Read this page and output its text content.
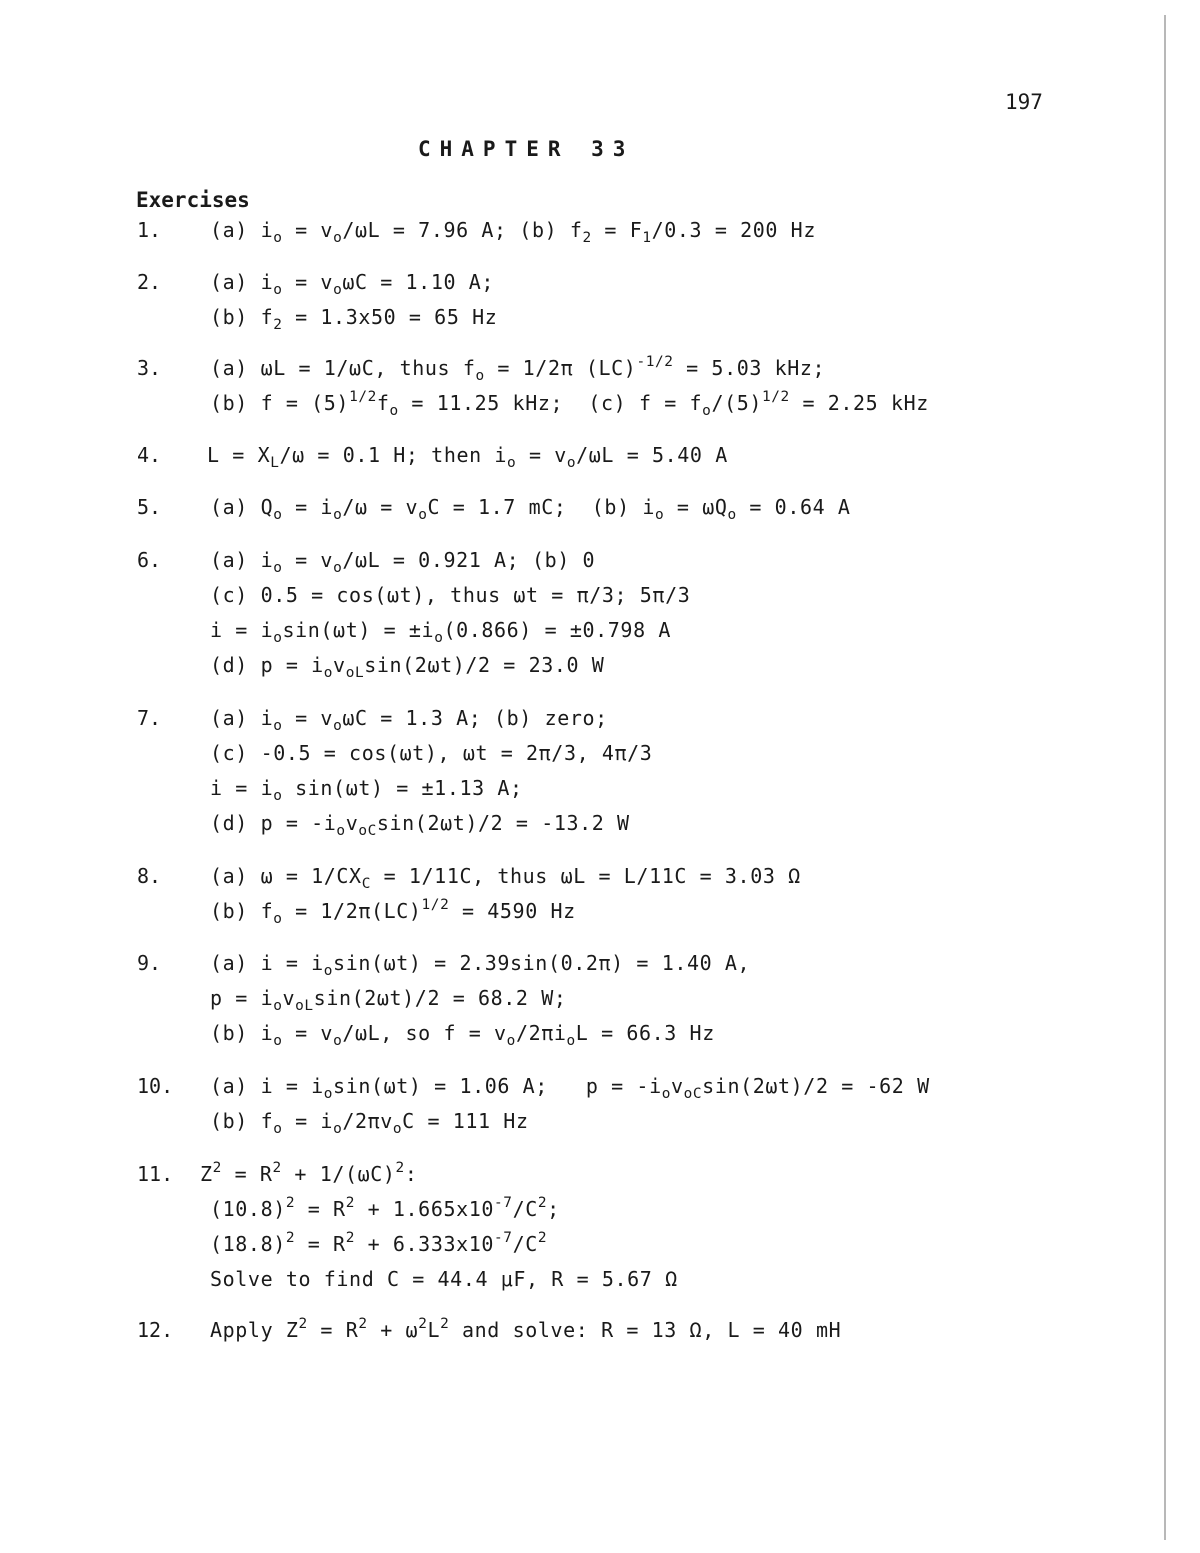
197
CHAPTER 33
Exercises
1. (a) $i_o = v_o/\omega L = 7.96$ A; (b) $f_2 = F_1/0.3 = 200$ Hz
2. (a) $i_o = v_o\omega C = 1.10$ A;
(b) $f_2 = 1.3x50 = 65$ Hz
3. (a) ωL = 1/ωC, thus $f_o = 1/2\pi$ (LC)$^{-1/2}$ = 5.03 kHz;
(b) $f = (5)^{1/2}f_o = 11.25$ kHz;  (c) $f = f_o/(5)^{1/2} = 2.25$ kHz
4. $L = X_L/\omega = 0.1$ H; then $i_o = v_o/\omega L = 5.40$ A
5. (a) $Q_o = i_o/\omega = v_oC = 1.7$ mC;  (b) $i_o = \omega Q_o = 0.64$ A
6. (a) $i_o = v_o/\omega L = 0.921$ A; (b) 0
(c) 0.5 = cos(ωt), thus ωt = π/3; 5π/3
$i = i_o\sin(\omega t) = \pm i_o(0.866) = \pm 0.798$ A
(d) $p = i_ov_{oL}\sin(2\omega t)/2 = 23.0$ W
7. (a) $i_o = v_o\omega C = 1.3$ A; (b) zero;
(c) -0.5 = cos(ωt), ωt = 2π/3, 4π/3
$i = i_o$ sin(ωt) = ±1.13 A;
(d) $p = -i_ov_{oC}\sin(2\omega t)/2 = -13.2$ W
8. (a) $\omega = 1/CX_C = 1/11C$, thus ωL = L/11C = 3.03 Ω
(b) $f_o = 1/2\pi(LC)^{1/2} = 4590$ Hz
9. (a) $i = i_o\sin(\omega t) = 2.39\sin(0.2\pi) = 1.40$ A,
$p = i_ov_{oL}\sin(2\omega t)/2 = 68.2$ W;
(b) $i_o = v_o/\omega L$, so $f = v_o/2\pi i_oL = 66.3$ Hz
10. (a) $i = i_o\sin(\omega t) = 1.06$ A;   $p = -i_ov_{oC}\sin(2\omega t)/2 = -62$ W
(b) $f_o = i_o/2\pi v_oC = 111$ Hz
11. $Z^2 = R^2 + 1/(\omega C)^2$:
$(10.8)^2 = R^2 + 1.665x10^{-7}/C^2$;
$(18.8)^2 = R^2 + 6.333x10^{-7}/C^2$
Solve to find C = 44.4 μF, R = 5.67 Ω
12. Apply $Z^2 = R^2 + \omega^2L^2$ and solve: R = 13 Ω, L = 40 mH
